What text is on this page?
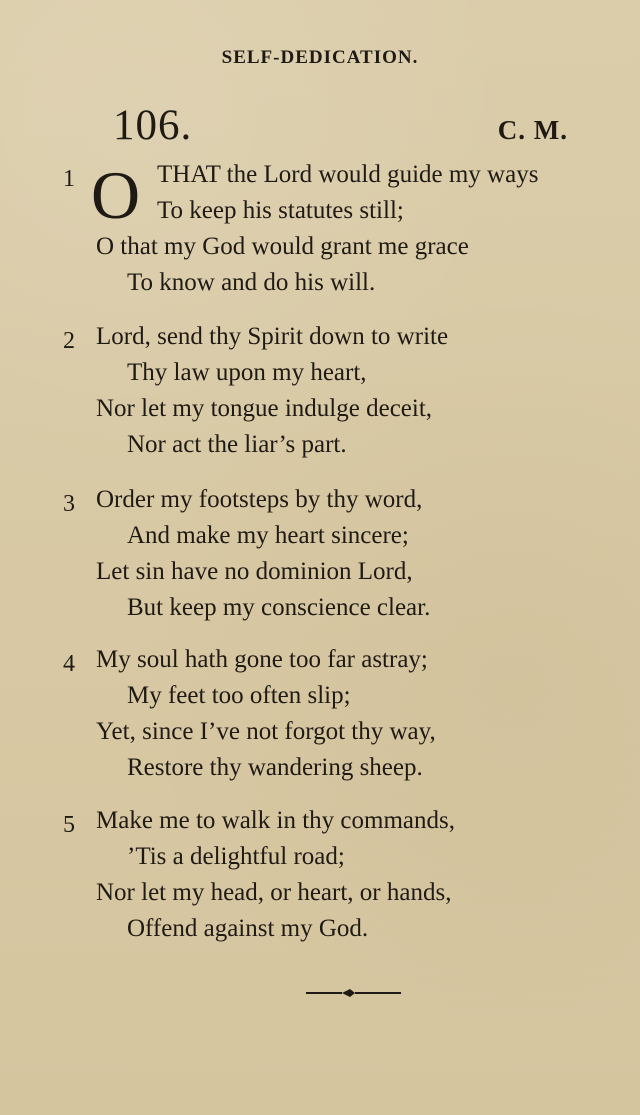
SELF-DEDICATION.
106.	C. M.
1 O THAT the Lord would guide my ways
To keep his statutes still;
O that my God would grant me grace
To know and do his will.
2 Lord, send thy Spirit down to write
Thy law upon my heart,
Nor let my tongue indulge deceit,
Nor act the liar’s part.
3 Order my footsteps by thy word,
And make my heart sincere;
Let sin have no dominion Lord,
But keep my conscience clear.
4 My soul hath gone too far astray;
My feet too often slip;
Yet, since I’ve not forgot thy way,
Restore thy wandering sheep.
5 Make me to walk in thy commands,
’Tis a delightful road;
Nor let my head, or heart, or hands,
Offend against my God.
